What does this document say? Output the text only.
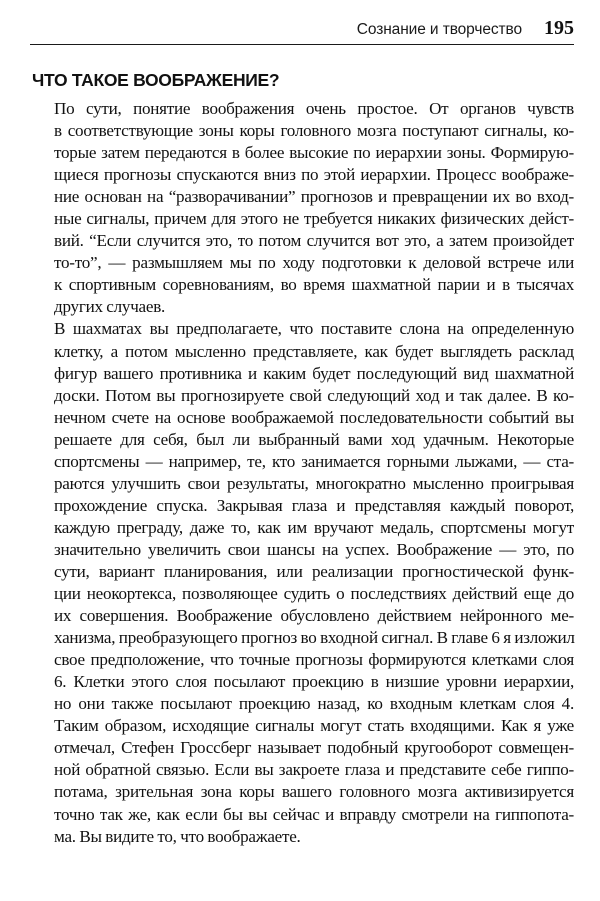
Сознание и творчество 195
ЧТО ТАКОЕ ВООБРАЖЕНИЕ?

По сути, понятие воображения очень простое. От органов чувств
в соответствующие зоны коры головного мозга поступают сигналы, ко-
торые затем передаются в более высокие по иерархии зоны. Формирую-
щиеся прогнозы спускаются вниз по этой иерархии. Процесс воображе-
ние основан на “разворачивании” прогнозов и превращении их во вход-
ные сигналы, причем для этого не требуется никаких физических дейст-
вий. “Если случится это, то потом случится вот это, а затем произойдет
то-то”, — размышляем мы по ходу подготовки к деловой встрече или
к спортивным соревнованиям, во время шахматной парии и в тысячах
других случаев.

В шахматах вы предполагаете, что поставите слона на определенную
клетку, а потом мысленно представляете, как будет выглядеть расклад
фигур вашего противника и каким будет последующий вид шахматной
доски. Потом вы прогнозируете свой следующий ход и так далее. В ко-
нечном счете на основе воображаемой последовательности событий вы
решаете для себя, был ли выбранный вами ход удачным. Некоторые
спортсмены — например, те, кто занимается горными лыжами, — ста-
раются улучшить свои результаты, многократно мысленно проигрывая
прохождение спуска. Закрывая глаза и представляя каждый поворот,
каждую преграду, даже то, как им вручают медаль, спортсмены могут
значительно увеличить свои шансы на успех. Воображение — это, по
сути, вариант планирования, или реализации прогностической функ-
ции неокортекса, позволяющее судить о последствиях действий еще до
их совершения. Воображение обусловлено действием нейронного ме-
ханизма, преобразующего прогноз во входной сигнал. В главе 6 я изложил
свое предположение, что точные прогнозы формируются клетками слоя
6. Клетки этого слоя посылают проекцию в низшие уровни иерархии,
но они также посылают проекцию назад, ко входным клеткам слоя 4.
Таким образом, исходящие сигналы могут стать входящими. Как я уже
отмечал, Стефен Гроссберг называет подобный кругооборот совмещен-
ной обратной связью. Если вы закроете глаза и представите себе гиппо-
потама, зрительная зона коры вашего головного мозга активизируется
точно так же, как если бы вы сейчас и вправду смотрели на гиппопота-
ма. Вы видите то, что воображаете.
